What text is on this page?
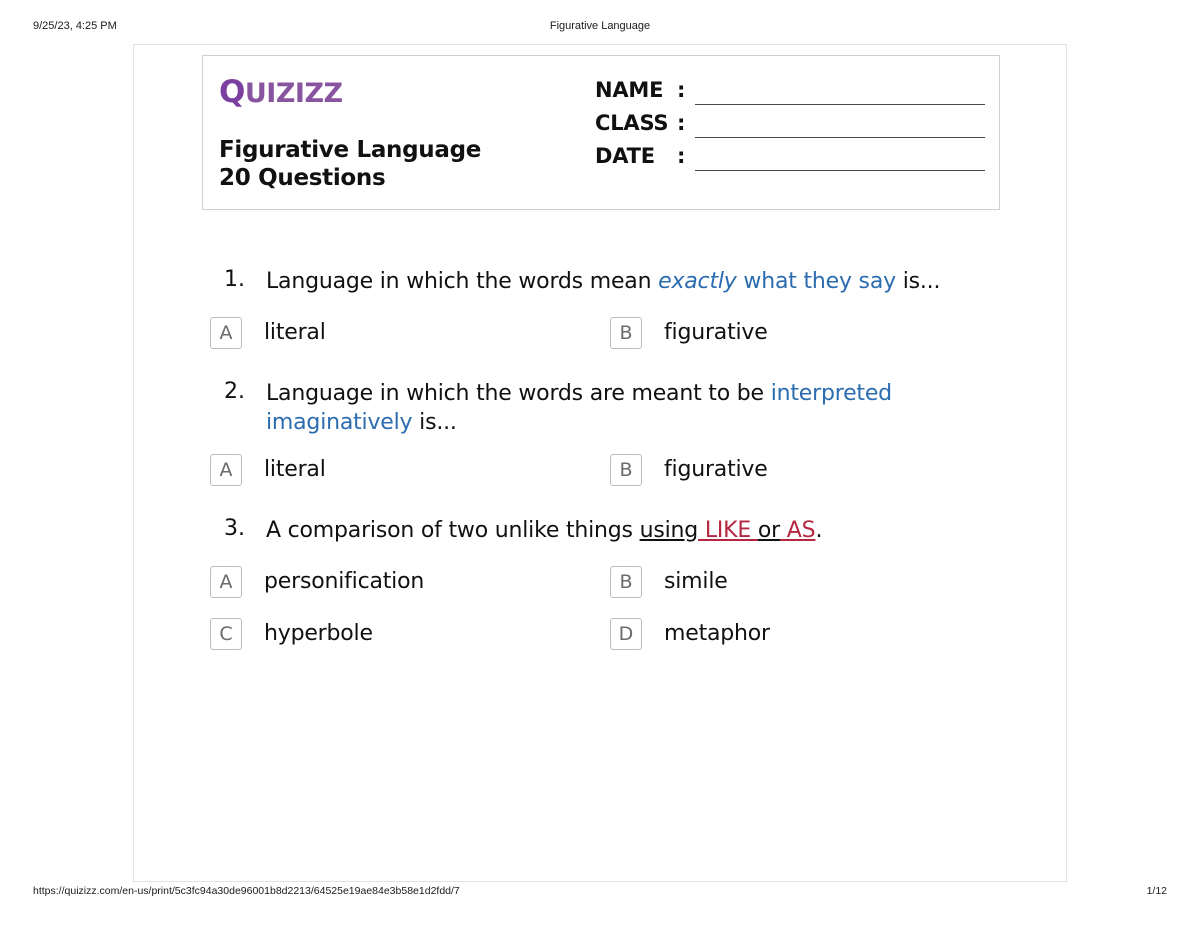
9/25/23, 4:25 PM	Figurative Language
QUIZIZZ
Figurative Language
20 Questions
NAME :
CLASS :
DATE :
1. Language in which the words mean exactly what they say is...
A	literal	B	figurative
2. Language in which the words are meant to be interpreted imaginatively is...
A	literal	B	figurative
3. A comparison of two unlike things using LIKE or AS.
A	personification	B	simile
C	hyperbole	D	metaphor
https://quizizz.com/en-us/print/5c3fc94a30de96001b8d2213/64525e19ae84e3b58e1d2fdd/7	1/12
